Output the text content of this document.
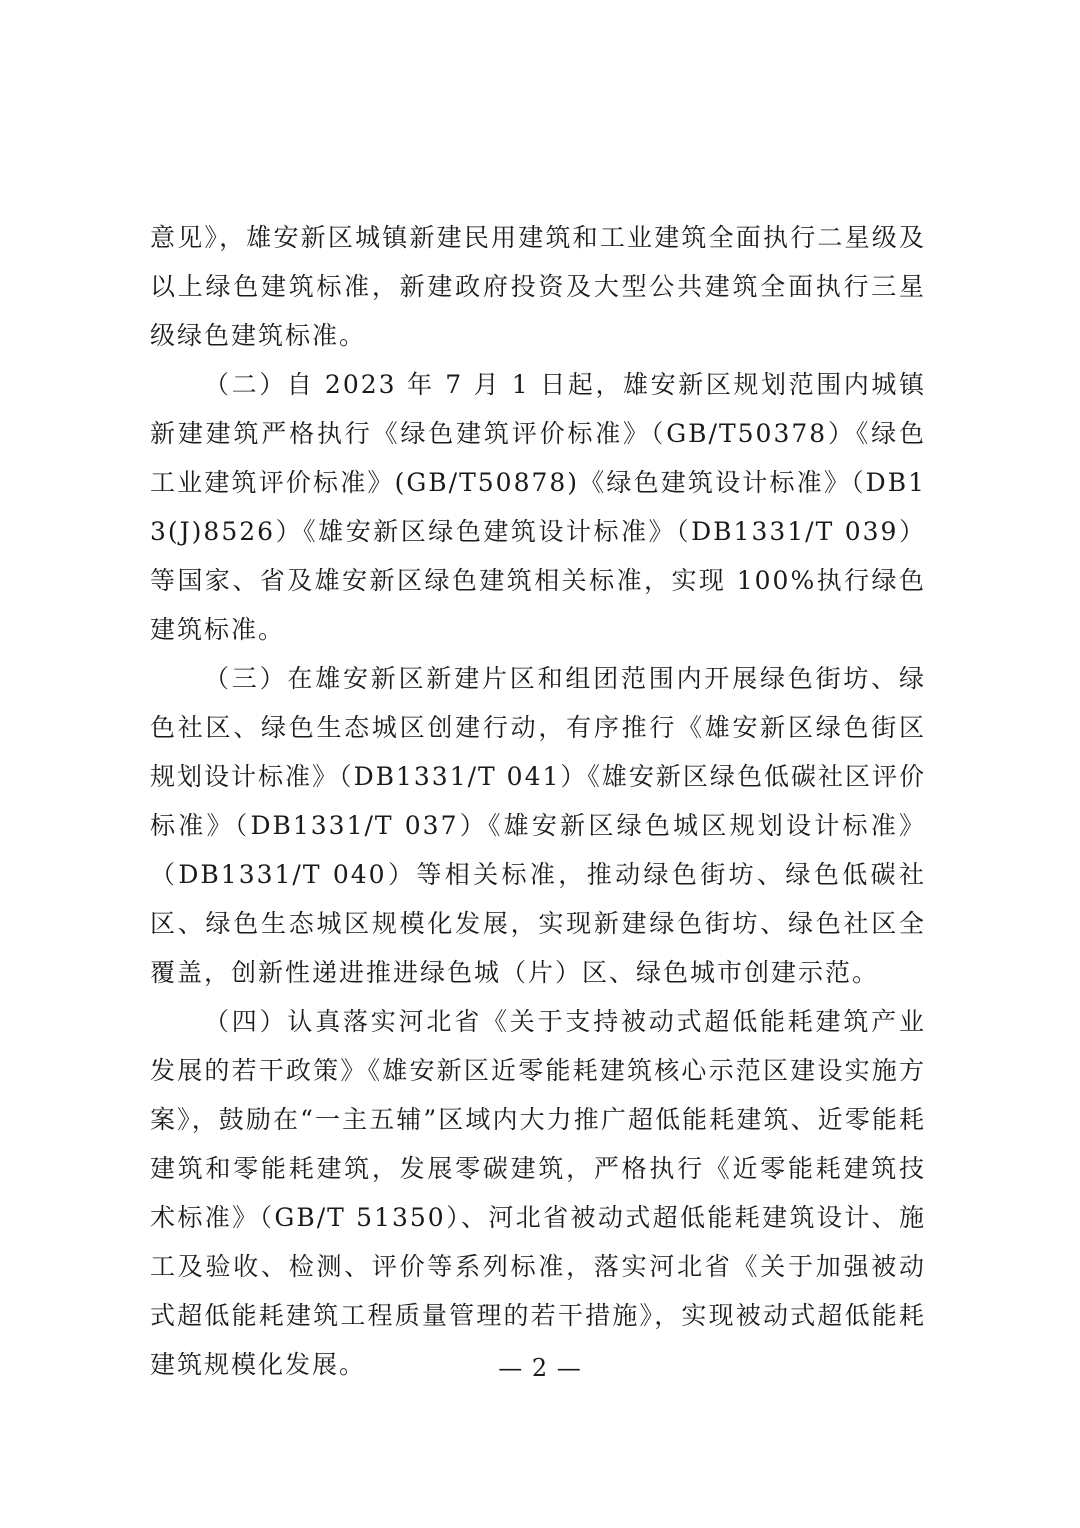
意见》，雄安新区城镇新建民用建筑和工业建筑全面执行二星级及以上绿色建筑标准，新建政府投资及大型公共建筑全面执行三星级绿色建筑标准。

（二）自 2023 年 7 月 1 日起，雄安新区规划范围内城镇新建建筑严格执行《绿色建筑评价标准》（GB/T50378）《绿色工业建筑评价标准》(GB/T50878)《绿色建筑设计标准》（DB13(J)8526）《雄安新区绿色建筑设计标准》（DB1331/T 039）等国家、省及雄安新区绿色建筑相关标准，实现 100%执行绿色建筑标准。

（三）在雄安新区新建片区和组团范围内开展绿色街坊、绿色社区、绿色生态城区创建行动，有序推行《雄安新区绿色街区规划设计标准》（DB1331/T 041）《雄安新区绿色低碳社区评价标准》（DB1331/T 037）《雄安新区绿色城区规划设计标准》（DB1331/T 040）等相关标准，推动绿色街坊、绿色低碳社区、绿色生态城区规模化发展，实现新建绿色街坊、绿色社区全覆盖，创新性递进推进绿色城（片）区、绿色城市创建示范。

（四）认真落实河北省《关于支持被动式超低能耗建筑产业发展的若干政策》《雄安新区近零能耗建筑核心示范区建设实施方案》，鼓励在“一主五辅”区域内大力推广超低能耗建筑、近零能耗建筑和零能耗建筑，发展零碳建筑，严格执行《近零能耗建筑技术标准》（GB/T 51350）、河北省被动式超低能耗建筑设计、施工及验收、检测、评价等系列标准，落实河北省《关于加强被动式超低能耗建筑工程质量管理的若干措施》，实现被动式超低能耗建筑规模化发展。	— 2 —
